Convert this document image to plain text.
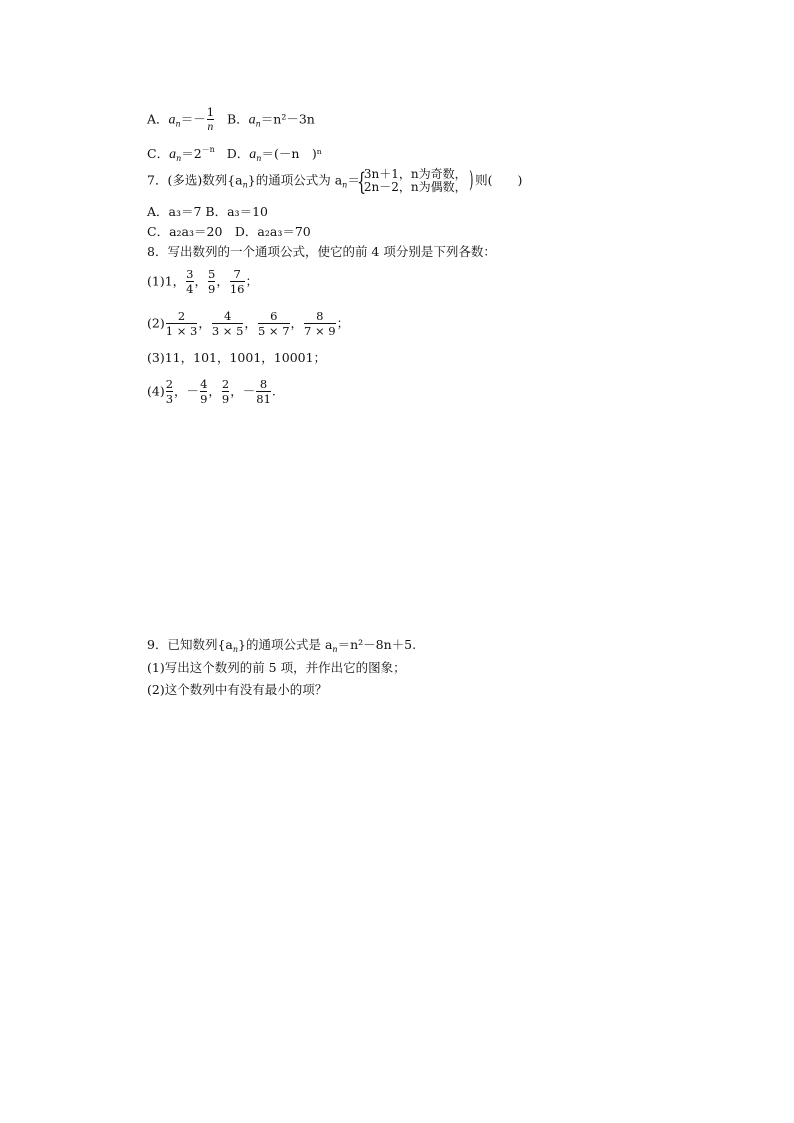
A．$a_n=- \frac{1}{n}$ B．$a_n=n^2-3n$
C．$a_n=2^{-n}$ D．$a_n=(-n$　)ⁿ
7．(多选)数列$\{a_n\}$的通项公式为 $a_n=$
{
3n＋1，n为奇数，
2n－2，n为偶数， ) 则(　　)
A．a₃＝7 B．a₃＝10
C．a₂a₃＝20　D．a₂a₃＝70
8．写出数列的一个通项公式，使它的前 4 项分别是下列各数：
(1)1， $\frac{3}{4}$ ， $\frac{5}{9}$ ， $\frac{7}{16}$ ；
$(2) \frac{2}{1 \times 3}$ ， $\frac{4}{3 \times 5}$ ， $\frac{6}{5 \times 7}$ ， $\frac{8}{7 \times 9}$ ；
(3)11，101，1001，10001；
$(4) \frac{2}{3}$ ，－ $\frac{4}{9}$ ， $\frac{2}{9}$ ，－ $\frac{8}{81}$ .
9．已知数列$\{a_n\}$的通项公式是 $a_n=n^2-8n+5$.
(1)写出这个数列的前 5 项，并作出它的图象；
(2)这个数列中有没有最小的项？
